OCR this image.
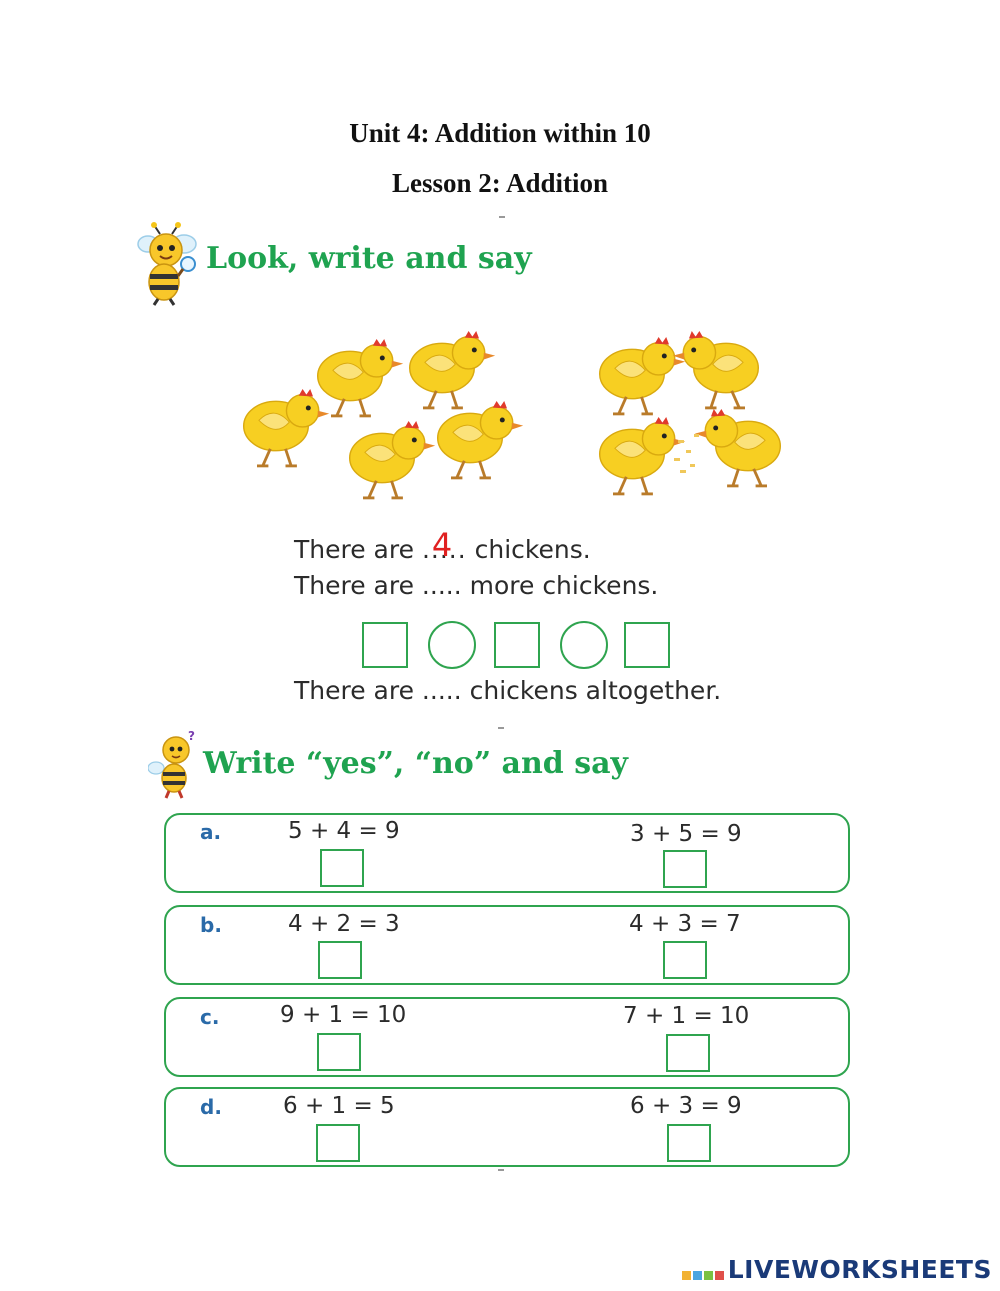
Unit 4: Addition within 10
Lesson 2: Addition
Look, write and say
There are ..... chickens.
4
There are ..... more chickens.
There are ..... chickens altogether.
?
Write “yes”, “no” and say
a.	5 + 4 = 9	3 + 5 = 9
b.	4 + 2 = 3	4 + 3 = 7
c.	9 + 1 = 10	7 + 1 = 10
d.	6 + 1 = 5	6 + 3 = 9
LIVEWORKSHEETS
